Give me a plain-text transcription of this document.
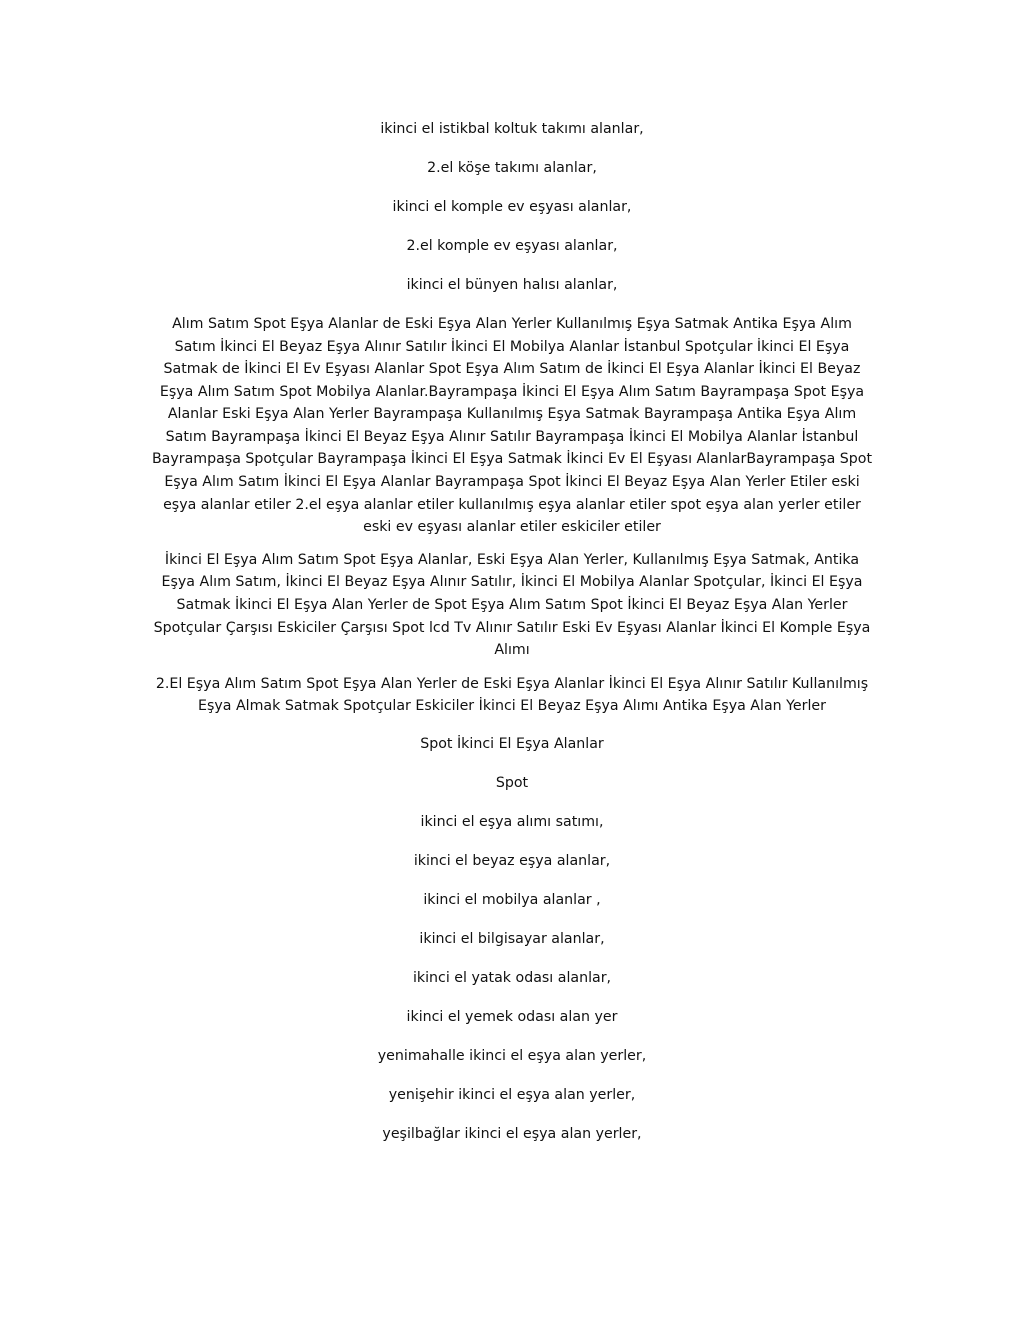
ikinci el istikbal koltuk takımı alanlar,

2.el köşe takımı alanlar,

ikinci el komple ev eşyası alanlar,

2.el komple ev eşyası alanlar,

ikinci el bünyen halısı alanlar,

Alım Satım Spot Eşya Alanlar de Eski Eşya Alan Yerler Kullanılmış Eşya Satmak Antika Eşya Alım Satım İkinci El Beyaz Eşya Alınır Satılır İkinci El Mobilya Alanlar İstanbul Spotçular İkinci El Eşya Satmak de İkinci El Ev Eşyası Alanlar Spot Eşya Alım Satım de İkinci El Eşya Alanlar İkinci El Beyaz Eşya Alım Satım Spot Mobilya Alanlar.Bayrampaşa İkinci El Eşya Alım Satım Bayrampaşa Spot Eşya Alanlar Eski Eşya Alan Yerler Bayrampaşa Kullanılmış Eşya Satmak Bayrampaşa Antika Eşya Alım Satım Bayrampaşa İkinci El Beyaz Eşya Alınır Satılır Bayrampaşa İkinci El Mobilya Alanlar İstanbul Bayrampaşa Spotçular Bayrampaşa İkinci El Eşya Satmak İkinci Ev El Eşyası AlanlarBayrampaşa Spot Eşya Alım Satım İkinci El Eşya Alanlar Bayrampaşa Spot İkinci El Beyaz Eşya Alan Yerler Etiler eski eşya alanlar etiler 2.el eşya alanlar etiler kullanılmış eşya alanlar etiler spot eşya alan yerler etiler eski ev eşyası alanlar etiler eskiciler etiler

İkinci El Eşya Alım Satım Spot Eşya Alanlar, Eski Eşya Alan Yerler, Kullanılmış Eşya Satmak, Antika Eşya Alım Satım, İkinci El Beyaz Eşya Alınır Satılır, İkinci El Mobilya Alanlar Spotçular, İkinci El Eşya Satmak İkinci El Eşya Alan Yerler de Spot Eşya Alım Satım Spot İkinci El Beyaz Eşya Alan Yerler Spotçular Çarşısı Eskiciler Çarşısı Spot lcd Tv Alınır Satılır Eski Ev Eşyası Alanlar İkinci El Komple Eşya Alımı

2.El Eşya Alım Satım Spot Eşya Alan Yerler de Eski Eşya Alanlar İkinci El Eşya Alınır Satılır Kullanılmış Eşya Almak Satmak Spotçular Eskiciler İkinci El Beyaz Eşya Alımı Antika Eşya Alan Yerler

Spot İkinci El Eşya Alanlar

Spot

ikinci el eşya alımı satımı,

ikinci el beyaz eşya alanlar,

ikinci el mobilya alanlar ,

ikinci el bilgisayar alanlar,

ikinci el yatak odası alanlar,

ikinci el yemek odası alan yer

yenimahalle ikinci el eşya alan yerler,

yenişehir ikinci el eşya alan yerler,

yeşilbağlar ikinci el eşya alan yerler,
